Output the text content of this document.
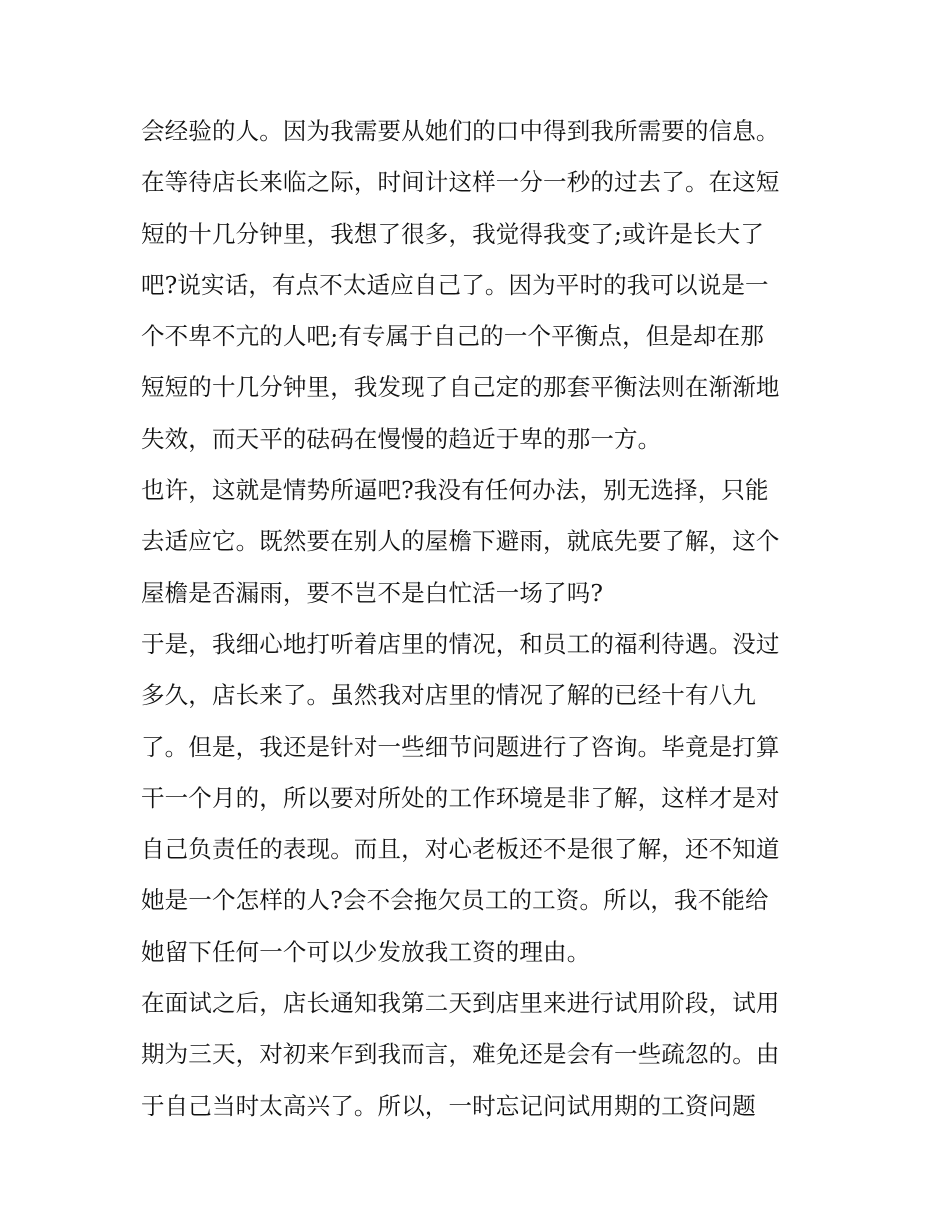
会经验的人。因为我需要从她们的口中得到我所需要的信息。
在等待店长来临之际，时间计这样一分一秒的过去了。在这短
短的十几分钟里，我想了很多，我觉得我变了;或许是长大了
吧?说实话，有点不太适应自己了。因为平时的我可以说是一
个不卑不亢的人吧;有专属于自己的一个平衡点，但是却在那
短短的十几分钟里，我发现了自己定的那套平衡法则在渐渐地
失效，而天平的砝码在慢慢的趋近于卑的那一方。
也许，这就是情势所逼吧?我没有任何办法，别无选择，只能
去适应它。既然要在别人的屋檐下避雨，就底先要了解，这个
屋檐是否漏雨，要不岂不是白忙活一场了吗?
于是，我细心地打听着店里的情况，和员工的福利待遇。没过
多久，店长来了。虽然我对店里的情况了解的已经十有八九
了。但是，我还是针对一些细节问题进行了咨询。毕竟是打算
干一个月的，所以要对所处的工作环境是非了解，这样才是对
自己负责任的表现。而且，对心老板还不是很了解，还不知道
她是一个怎样的人?会不会拖欠员工的工资。所以，我不能给
她留下任何一个可以少发放我工资的理由。
在面试之后，店长通知我第二天到店里来进行试用阶段，试用
期为三天，对初来乍到我而言，难免还是会有一些疏忽的。由
于自己当时太高兴了。所以，一时忘记问试用期的工资问题
